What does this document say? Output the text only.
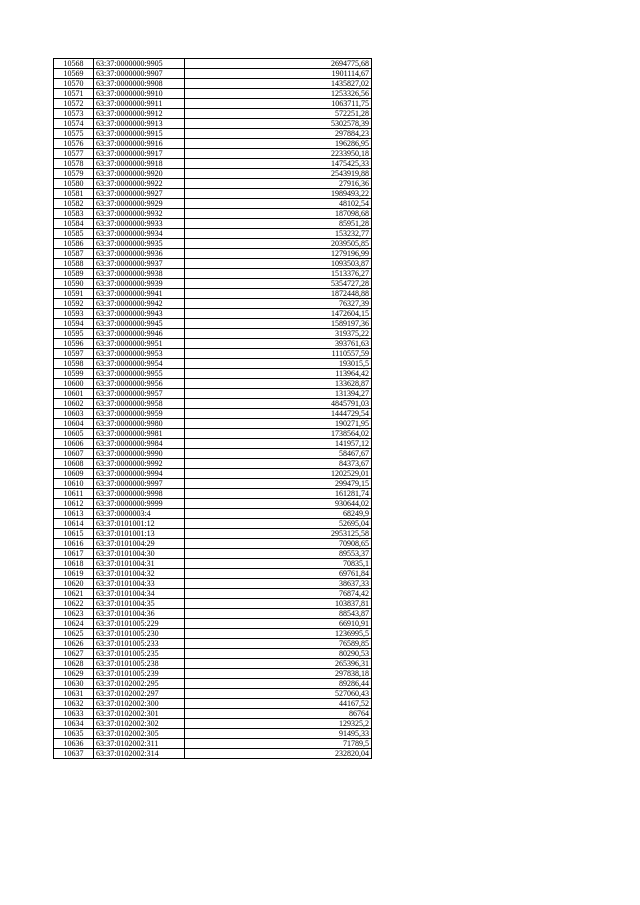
10568	63:37:0000000:9905	2694775,68
10569	63:37:0000000:9907	1901114,67
10570	63:37:0000000:9908	1435827,02
10571	63:37:0000000:9910	1253326,56
10572	63:37:0000000:9911	1063711,75
10573	63:37:0000000:9912	572251,28
10574	63:37:0000000:9913	5302578,39
10575	63:37:0000000:9915	297884,23
10576	63:37:0000000:9916	196286,95
10577	63:37:0000000:9917	2233950,18
10578	63:37:0000000:9918	1475425,33
10579	63:37:0000000:9920	2543919,88
10580	63:37:0000000:9922	27916,36
10581	63:37:0000000:9927	1989493,22
10582	63:37:0000000:9929	48102,54
10583	63:37:0000000:9932	187098,68
10584	63:37:0000000:9933	85951,28
10585	63:37:0000000:9934	153232,77
10586	63:37:0000000:9935	2039505,85
10587	63:37:0000000:9936	1279196,99
10588	63:37:0000000:9937	1093503,87
10589	63:37:0000000:9938	1513376,27
10590	63:37:0000000:9939	5354727,28
10591	63:37:0000000:9941	1872448,88
10592	63:37:0000000:9942	76327,39
10593	63:37:0000000:9943	1472604,15
10594	63:37:0000000:9945	1589197,36
10595	63:37:0000000:9946	319375,22
10596	63:37:0000000:9951	393761,63
10597	63:37:0000000:9953	1110557,59
10598	63:37:0000000:9954	193015,5
10599	63:37:0000000:9955	113964,42
10600	63:37:0000000:9956	133628,87
10601	63:37:0000000:9957	131394,27
10602	63:37:0000000:9958	4845791,03
10603	63:37:0000000:9959	1444729,54
10604	63:37:0000000:9980	190271,95
10605	63:37:0000000:9981	1738564,02
10606	63:37:0000000:9984	141957,12
10607	63:37:0000000:9990	58467,67
10608	63:37:0000000:9992	84373,67
10609	63:37:0000000:9994	1202529,01
10610	63:37:0000000:9997	299479,15
10611	63:37:0000000:9998	161281,74
10612	63:37:0000000:9999	930644,02
10613	63:37:0000003:4	68249,9
10614	63:37:0101001:12	52695,04
10615	63:37:0101001:13	2953125,58
10616	63:37:0101004:29	70908,65
10617	63:37:0101004:30	89553,37
10618	63:37:0101004:31	70835,1
10619	63:37:0101004:32	69761,84
10620	63:37:0101004:33	38637,33
10621	63:37:0101004:34	76874,42
10622	63:37:0101004:35	103837,81
10623	63:37:0101004:36	88543,87
10624	63:37:0101005:229	66910,91
10625	63:37:0101005:230	1236995,5
10626	63:37:0101005:233	76589,85
10627	63:37:0101005:235	80290,53
10628	63:37:0101005:238	265396,31
10629	63:37:0101005:239	297838,18
10630	63:37:0102002:295	89286,44
10631	63:37:0102002:297	527060,43
10632	63:37:0102002:300	44167,52
10633	63:37:0102002:301	86764
10634	63:37:0102002:302	129325,2
10635	63:37:0102002:305	91495,33
10636	63:37:0102002:311	71789,5
10637	63:37:0102002:314	232820,04
